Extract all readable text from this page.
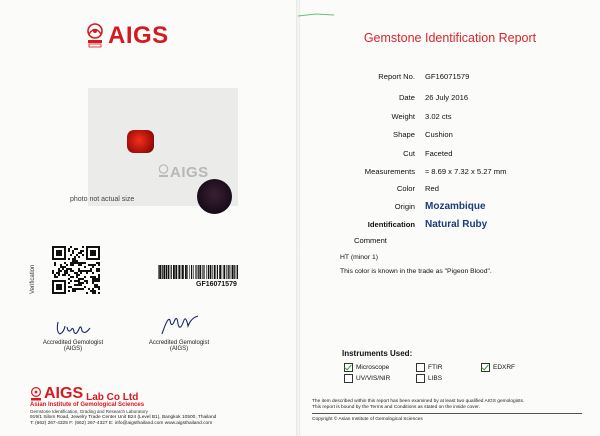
AIGS
AIGS
photo not actual size
Verification	GF16071579
Accredited Gemologist
(AIGS)
Accredited Gemologist
(AIGS)
AIGS Lab Co Ltd
Asian Institute of Gemological Sciences
Gemstone Identification, Grading and Research Laboratory
919/1 Silom Road, Jewelry Trade Center Unit B24 (Level B1), Bangkok 10500, Thailand
T: (662) 267-4325 F: (662) 267-4327 E: info@aigsthailand.com www.aigsthailand.com
Gemstone Identification Report
Report No. GF16071579
Date 26 July 2016
Weight 3.02 cts
Shape Cushion
Cut Faceted
Measurements ≈ 8.69 x 7.32 x 5.27 mm
Color Red
Origin Mozambique
Identification Natural Ruby
Comment
HT (minor 1)
This color is known in the trade as "Pigeon Blood".
Instruments Used:
Microscope	FTIR	EDXRF
UV/VIS/NIR	LIBS
The item described within this report has been examined by at least two qualified AIGS gemologists.
This report is bound by the Terms and Conditions as stated on the inside cover.
Copyright © Asian Institute of Gemological Sciences
